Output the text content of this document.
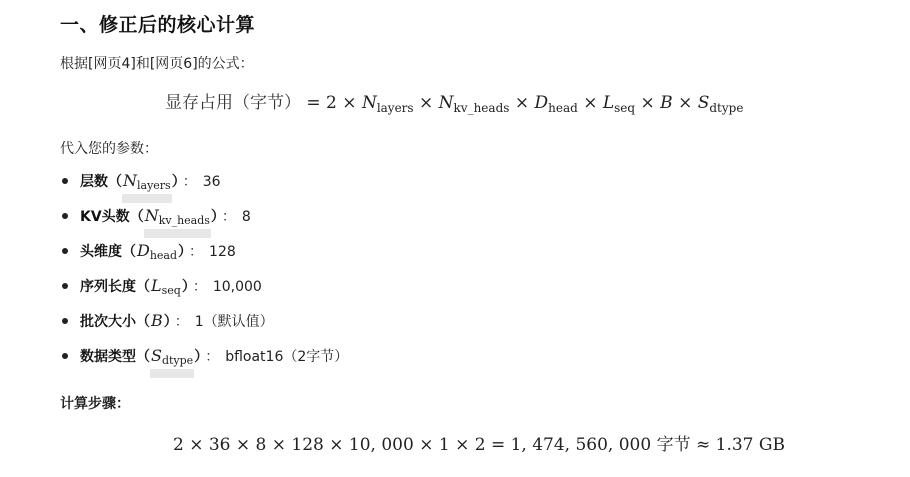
一、修正后的核心计算
根据[网页4]和[网页6]的公式：
显存占用（字节） = $2 \times N_{layers} \times N_{kv\_heads} \times D_{head} \times L_{seq} \times B \times S_{dtype}$
代入您的参数：
层数$(N_{layers})$ ： 36
KV头数$(N_{kv\_heads})$ ： 8
头维度$(D_{head})$ ： 128
序列长度$(L_{seq})$ ： 10,000
批次大小（B） ： 1（默认值）
数据类型$(S_{dtype})$ ： bfloat16（2字节）
计算步骤：
2 × 36 × 8 × 128 × 10, 000 × 1 × 2 = 1, 474, 560, 000 字节 ≈ 1.37 GB
